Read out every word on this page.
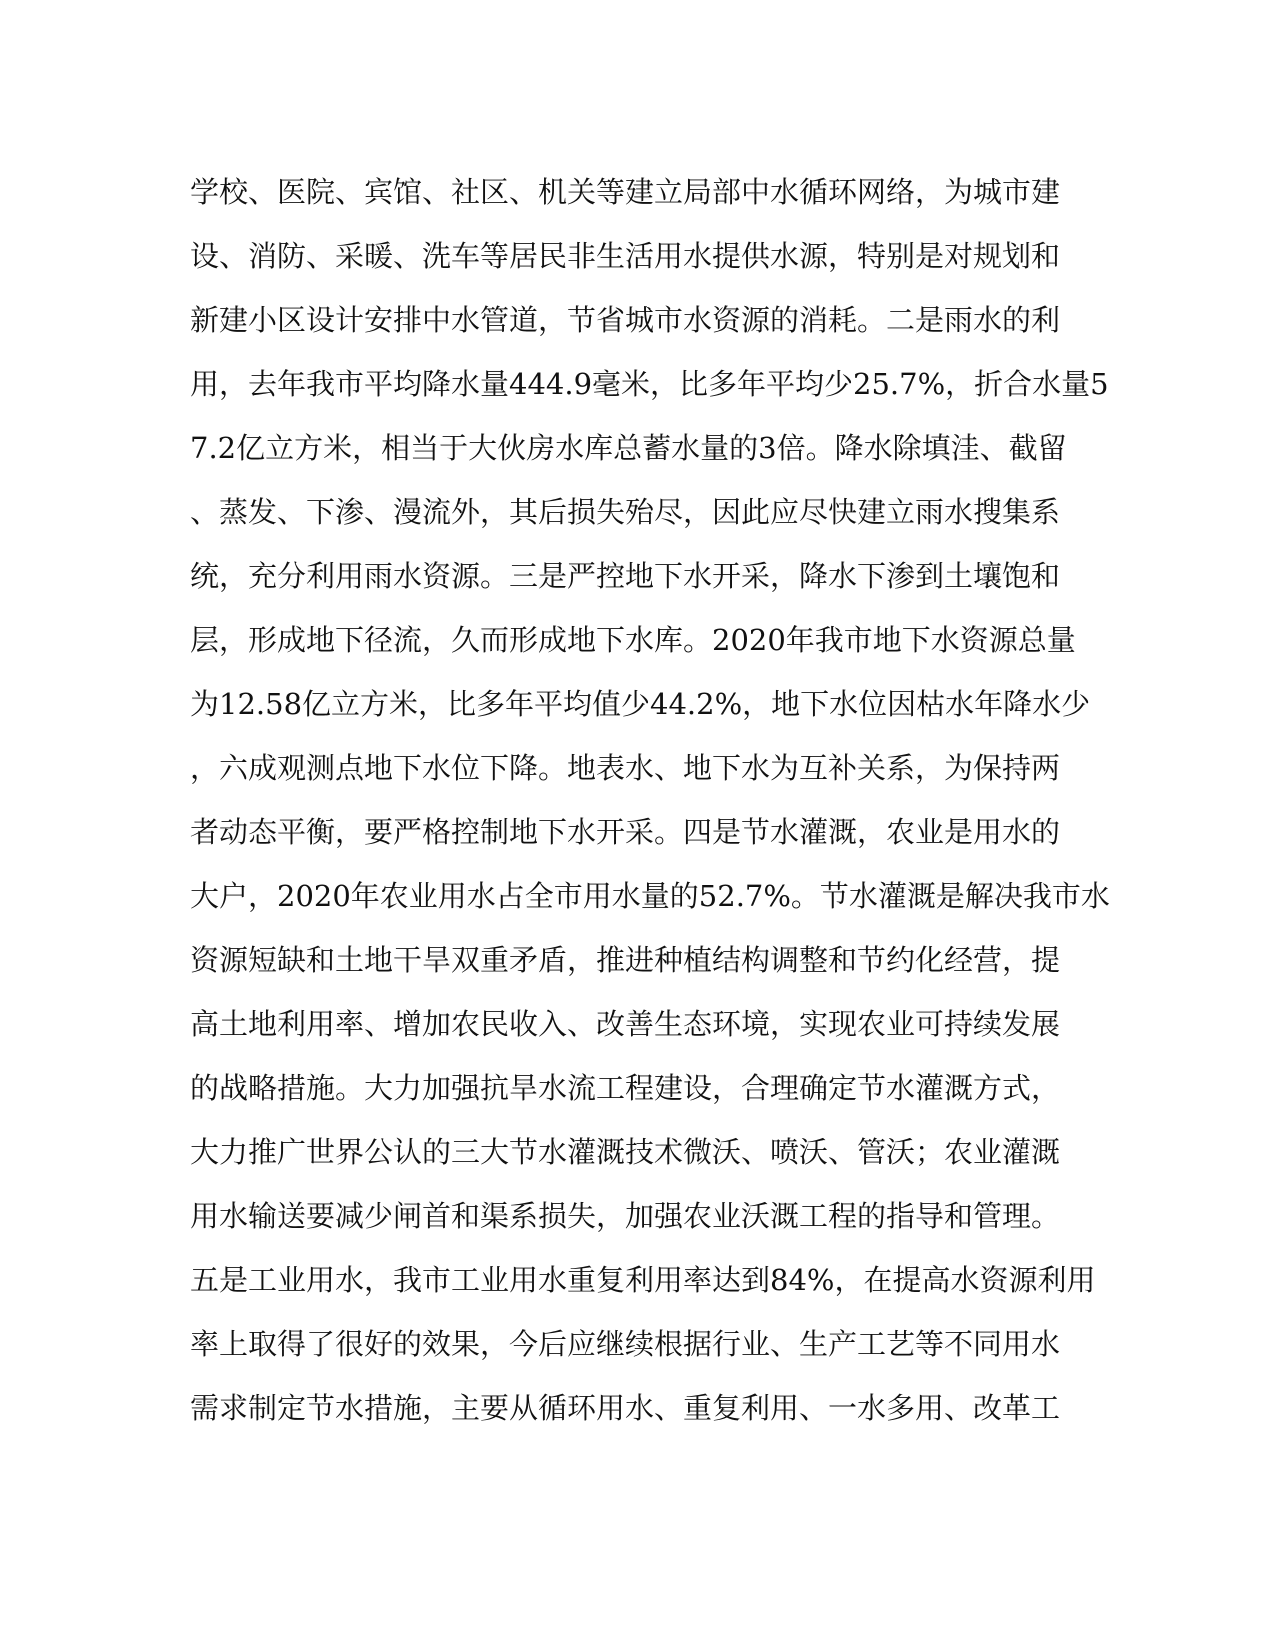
学校、医院、宾馆、社区、机关等建立局部中水循环网络，为城市建
设、消防、采暖、洗车等居民非生活用水提供水源，特别是对规划和
新建小区设计安排中水管道，节省城市水资源的消耗。二是雨水的利
用，去年我市平均降水量444.9毫米，比多年平均少25.7%，折合水量5
7.2亿立方米，相当于大伙房水库总蓄水量的3倍。降水除填洼、截留
、蒸发、下渗、漫流外，其后损失殆尽，因此应尽快建立雨水搜集系
统，充分利用雨水资源。三是严控地下水开采，降水下渗到土壤饱和
层，形成地下径流，久而形成地下水库。2020年我市地下水资源总量
为12.58亿立方米，比多年平均值少44.2%，地下水位因枯水年降水少
，六成观测点地下水位下降。地表水、地下水为互补关系，为保持两
者动态平衡，要严格控制地下水开采。四是节水灌溉，农业是用水的
大户，2020年农业用水占全市用水量的52.7%。节水灌溉是解决我市水
资源短缺和土地干旱双重矛盾，推进种植结构调整和节约化经营，提
高土地利用率、增加农民收入、改善生态环境，实现农业可持续发展
的战略措施。大力加强抗旱水流工程建设，合理确定节水灌溉方式，
大力推广世界公认的三大节水灌溉技术微沃、喷沃、管沃；农业灌溉
用水输送要减少闸首和渠系损失，加强农业沃溉工程的指导和管理。
五是工业用水，我市工业用水重复利用率达到84%，在提高水资源利用
率上取得了很好的效果，今后应继续根据行业、生产工艺等不同用水
需求制定节水措施，主要从循环用水、重复利用、一水多用、改革工
